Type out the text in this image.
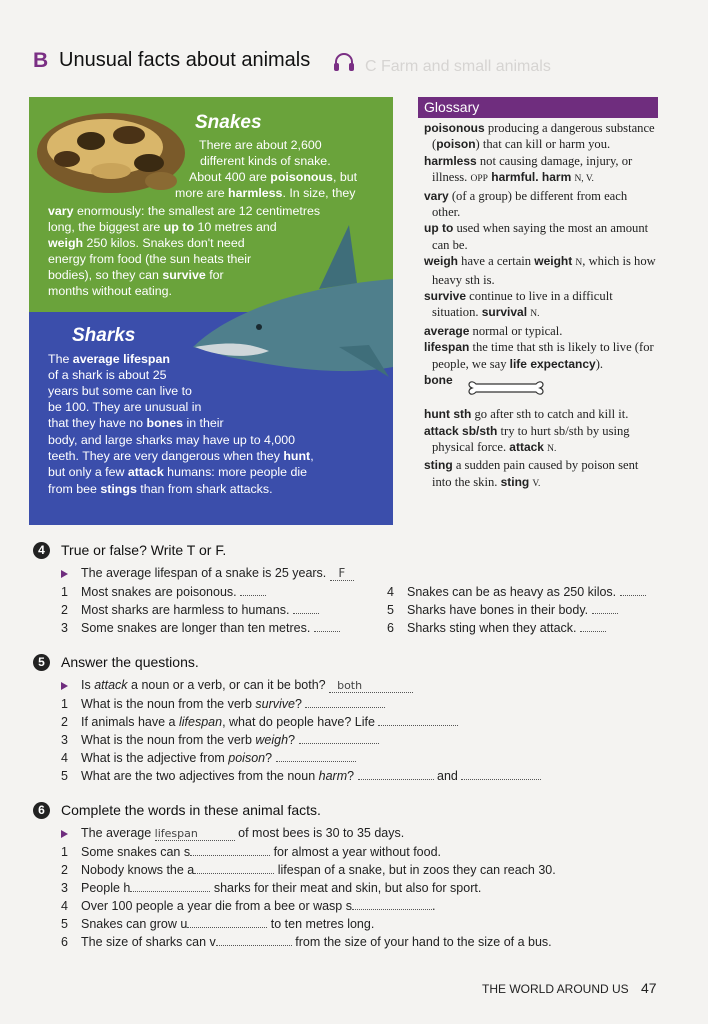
B Unusual facts about animals	C Farm and small animals
Snakes
There are about 2,600
different kinds of snake.
About 400 are poisonous, but
more are harmless. In size, they
vary enormously: the smallest are 12 centimetres
long, the biggest are up to 10 metres and
weigh 250 kilos. Snakes don't need
energy from food (the sun heats their
bodies), so they can survive for
months without eating.
Sharks
The average lifespan
of a shark is about 25
years but some can live to
be 100. They are unusual in
that they have no bones in their
body, and large sharks may have up to 4,000
teeth. They are very dangerous when they hunt,
but only a few attack humans: more people die
from bee stings than from shark attacks.
Glossary
poisonous producing a dangerous substance (poison) that can kill or harm you.
harmless not causing damage, injury, or illness. OPP harmful. harm N, V.
vary (of a group) be different from each other.
up to used when saying the most an amount can be.
weigh have a certain weight N, which is how heavy sth is.
survive continue to live in a difficult situation. survival N.
average normal or typical.
lifespan the time that sth is likely to live (for people, we say life expectancy).
bone
hunt sth go after sth to catch and kill it.
attack sb/sth try to hurt sb/sth by using physical force. attack N.
sting a sudden pain caused by poison sent into the skin. sting V.
4	True or false? Write T or F.
The average lifespan of a snake is 25 years. F
1 Most snakes are poisonous.
2 Most sharks are harmless to humans.
3 Some snakes are longer than ten metres.
4 Snakes can be as heavy as 250 kilos.
5 Sharks have bones in their body.
6 Sharks sting when they attack.
5	Answer the questions.
Is attack a noun or a verb, or can it be both? both
1 What is the noun from the verb survive?
2 If animals have a lifespan, what do people have? Life
3 What is the noun from the verb weigh?
4 What is the adjective from poison?
5 What are the two adjectives from the noun harm?	and
6	Complete the words in these animal facts.
The average lifespan	of most bees is 30 to 35 days.
1 Some snakes can s	for almost a year without food.
2 Nobody knows the a	lifespan of a snake, but in zoos they can reach 30.
3 People h	sharks for their meat and skin, but also for sport.
4 Over 100 people a year die from a bee or wasp s	.
5 Snakes can grow u	to ten metres long.
6 The size of sharks can v	from the size of your hand to the size of a bus.
THE WORLD AROUND US 47
